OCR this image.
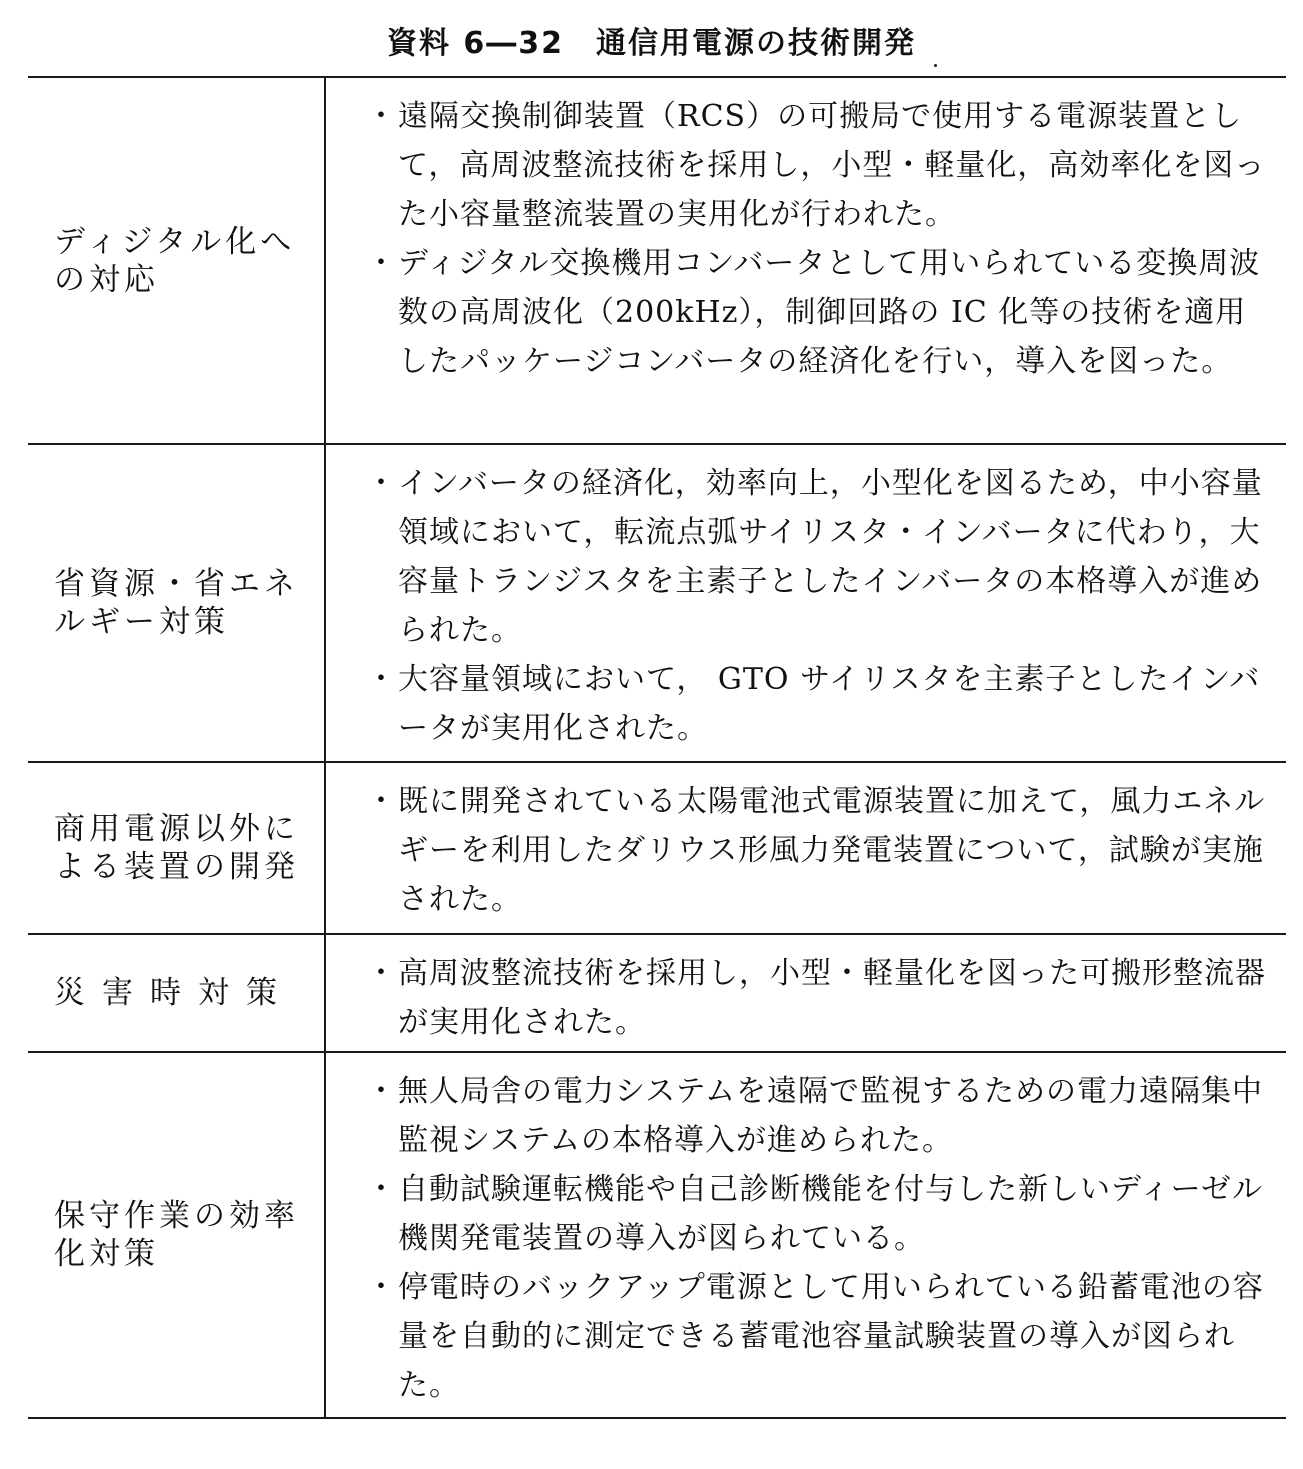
資料 6―32　通信用電源の技術開発
ディジタル化への対応
・ 遠隔交換制御装置（RCS）の可搬局で使用する電源装置として，高周波整流技術を採用し，小型・軽量化，高効率化を図った小容量整流装置の実用化が行われた。
・ ディジタル交換機用コンバータとして用いられている変換周波数の高周波化（200kHz），制御回路の IC 化等の技術を適用したパッケージコンバータの経済化を行い，導入を図った。
省資源・省エネルギー対策
・ インバータの経済化，効率向上，小型化を図るため，中小容量領域において，転流点弧サイリスタ・インバータに代わり，大容量トランジスタを主素子としたインバータの本格導入が進められた。
・ 大容量領域において， GTO サイリスタを主素子としたインバータが実用化された。
商用電源以外による装置の開発
・ 既に開発されている太陽電池式電源装置に加えて，風力エネルギーを利用したダリウス形風力発電装置について，試験が実施された。
災害時対策
・ 高周波整流技術を採用し，小型・軽量化を図った可搬形整流器が実用化された。
保守作業の効率化対策
・ 無人局舎の電力システムを遠隔で監視するための電力遠隔集中監視システムの本格導入が進められた。
・ 自動試験運転機能や自己診断機能を付与した新しいディーゼル機関発電装置の導入が図られている。
・ 停電時のバックアップ電源として用いられている鉛蓄電池の容量を自動的に測定できる蓄電池容量試験装置の導入が図られた。
